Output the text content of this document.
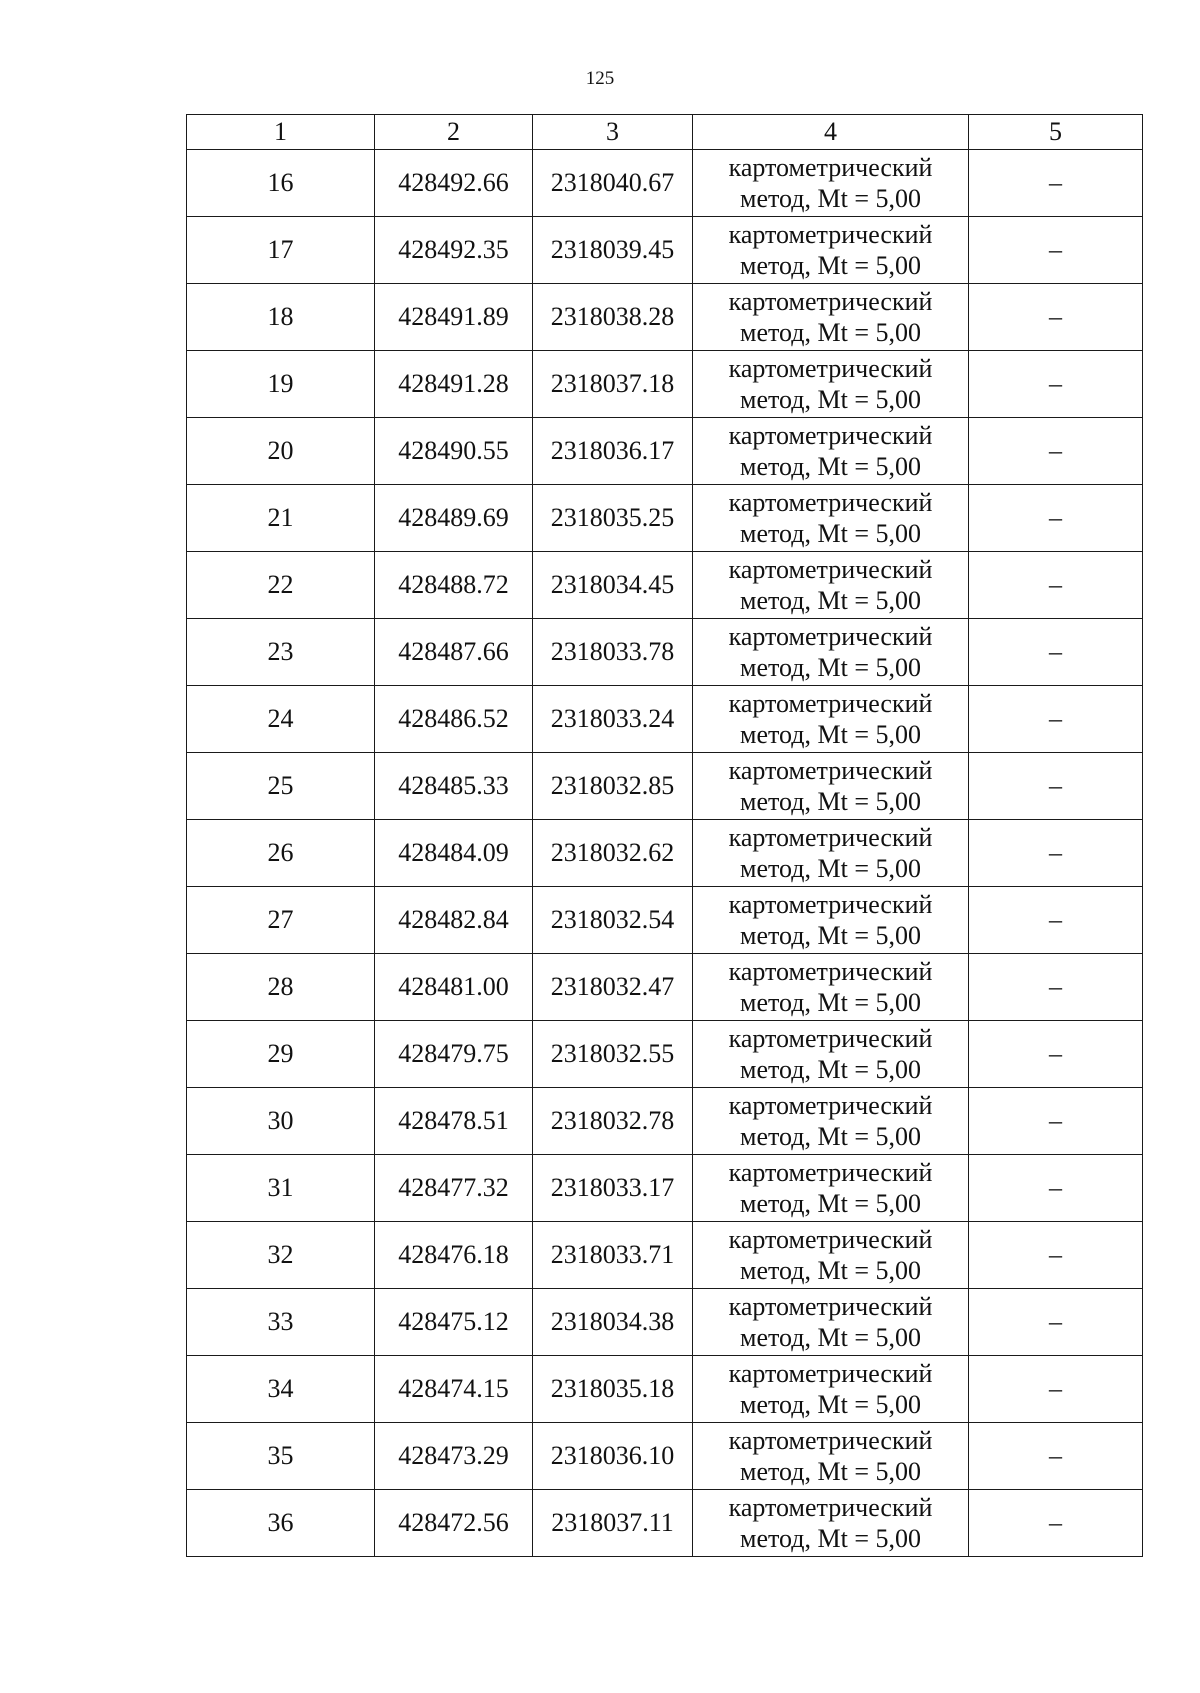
125
1	2	3	4	5
16	428492.66	2318040.67	картометрический
метод, Mt = 5,00	–
17	428492.35	2318039.45	картометрический
метод, Mt = 5,00	–
18	428491.89	2318038.28	картометрический
метод, Mt = 5,00	–
19	428491.28	2318037.18	картометрический
метод, Mt = 5,00	–
20	428490.55	2318036.17	картометрический
метод, Mt = 5,00	–
21	428489.69	2318035.25	картометрический
метод, Mt = 5,00	–
22	428488.72	2318034.45	картометрический
метод, Mt = 5,00	–
23	428487.66	2318033.78	картометрический
метод, Mt = 5,00	–
24	428486.52	2318033.24	картометрический
метод, Mt = 5,00	–
25	428485.33	2318032.85	картометрический
метод, Mt = 5,00	–
26	428484.09	2318032.62	картометрический
метод, Mt = 5,00	–
27	428482.84	2318032.54	картометрический
метод, Mt = 5,00	–
28	428481.00	2318032.47	картометрический
метод, Mt = 5,00	–
29	428479.75	2318032.55	картометрический
метод, Mt = 5,00	–
30	428478.51	2318032.78	картометрический
метод, Mt = 5,00	–
31	428477.32	2318033.17	картометрический
метод, Mt = 5,00	–
32	428476.18	2318033.71	картометрический
метод, Mt = 5,00	–
33	428475.12	2318034.38	картометрический
метод, Mt = 5,00	–
34	428474.15	2318035.18	картометрический
метод, Mt = 5,00	–
35	428473.29	2318036.10	картометрический
метод, Mt = 5,00	–
36	428472.56	2318037.11	картометрический
метод, Mt = 5,00	–
